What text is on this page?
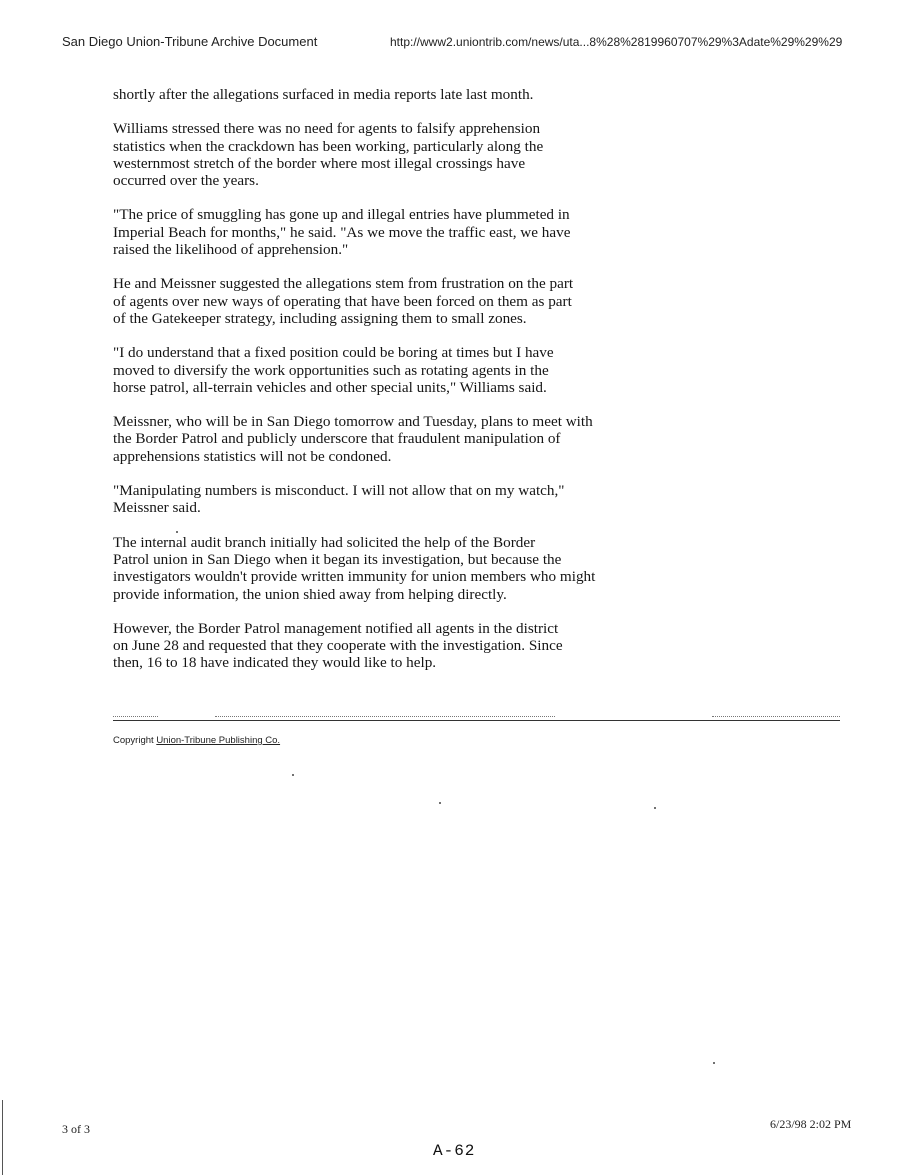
San Diego Union-Tribune Archive Document	http://www2.uniontrib.com/news/uta...8%28%2819960707%29%3Adate%29%29%29

shortly after the allegations surfaced in media reports late last month.

Williams stressed there was no need for agents to falsify apprehension
statistics when the crackdown has been working, particularly along the
westernmost stretch of the border where most illegal crossings have
occurred over the years.

"The price of smuggling has gone up and illegal entries have plummeted in
Imperial Beach for months," he said. "As we move the traffic east, we have
raised the likelihood of apprehension."

He and Meissner suggested the allegations stem from frustration on the part
of agents over new ways of operating that have been forced on them as part
of the Gatekeeper strategy, including assigning them to small zones.

"I do understand that a fixed position could be boring at times but I have
moved to diversify the work opportunities such as rotating agents in the
horse patrol, all-terrain vehicles and other special units," Williams said.

Meissner, who will be in San Diego tomorrow and Tuesday, plans to meet with
the Border Patrol and publicly underscore that fraudulent manipulation of
apprehensions statistics will not be condoned.

"Manipulating numbers is misconduct. I will not allow that on my watch,"
Meissner said.

The internal audit branch initially had solicited the help of the Border
Patrol union in San Diego when it began its investigation, but because the
investigators wouldn't provide written immunity for union members who might
provide information, the union shied away from helping directly.

However, the Border Patrol management notified all agents in the district
on June 28 and requested that they cooperate with the investigation. Since
then, 16 to 18 have indicated they would like to help.

Copyright Union-Tribune Publishing Co.
3 of 3	6/23/98 2:02 PM
A-62
